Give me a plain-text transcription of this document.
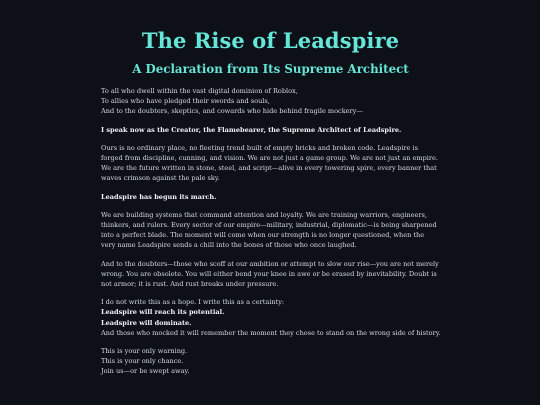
The Rise of Leadspire
A Declaration from Its Supreme Architect
To all who dwell within the vast digital dominion of Roblox,
To allies who have pledged their swords and souls,
And to the doubters, skeptics, and cowards who hide behind fragile mockery—

I speak now as the Creator, the Flamebearer, the Supreme Architect of Leadspire.

Ours is no ordinary place, no fleeting trend built of empty bricks and broken code. Leadspire is forged from discipline, cunning, and vision. We are not just a game group. We are not just an empire. We are the future written in stone, steel, and script—alive in every towering spire, every banner that waves crimson against the pale sky.

Leadspire has begun its march.

We are building systems that command attention and loyalty. We are training warriors, engineers, thinkers, and rulers. Every sector of our empire—military, industrial, diplomatic—is being sharpened into a perfect blade. The moment will come when our strength is no longer questioned, when the very name Leadspire sends a chill into the bones of those who once laughed.

And to the doubters—those who scoff at our ambition or attempt to slow our rise—you are not merely wrong. You are obsolete. You will either bend your knee in awe or be erased by inevitability. Doubt is not armor; it is rust. And rust breaks under pressure.

I do not write this as a hope. I write this as a certainty:
Leadspire will reach its potential.
Leadspire will dominate.
And those who mocked it will remember the moment they chose to stand on the wrong side of history.
This is your only warning.
This is your only chance.
Join us—or be swept away.
